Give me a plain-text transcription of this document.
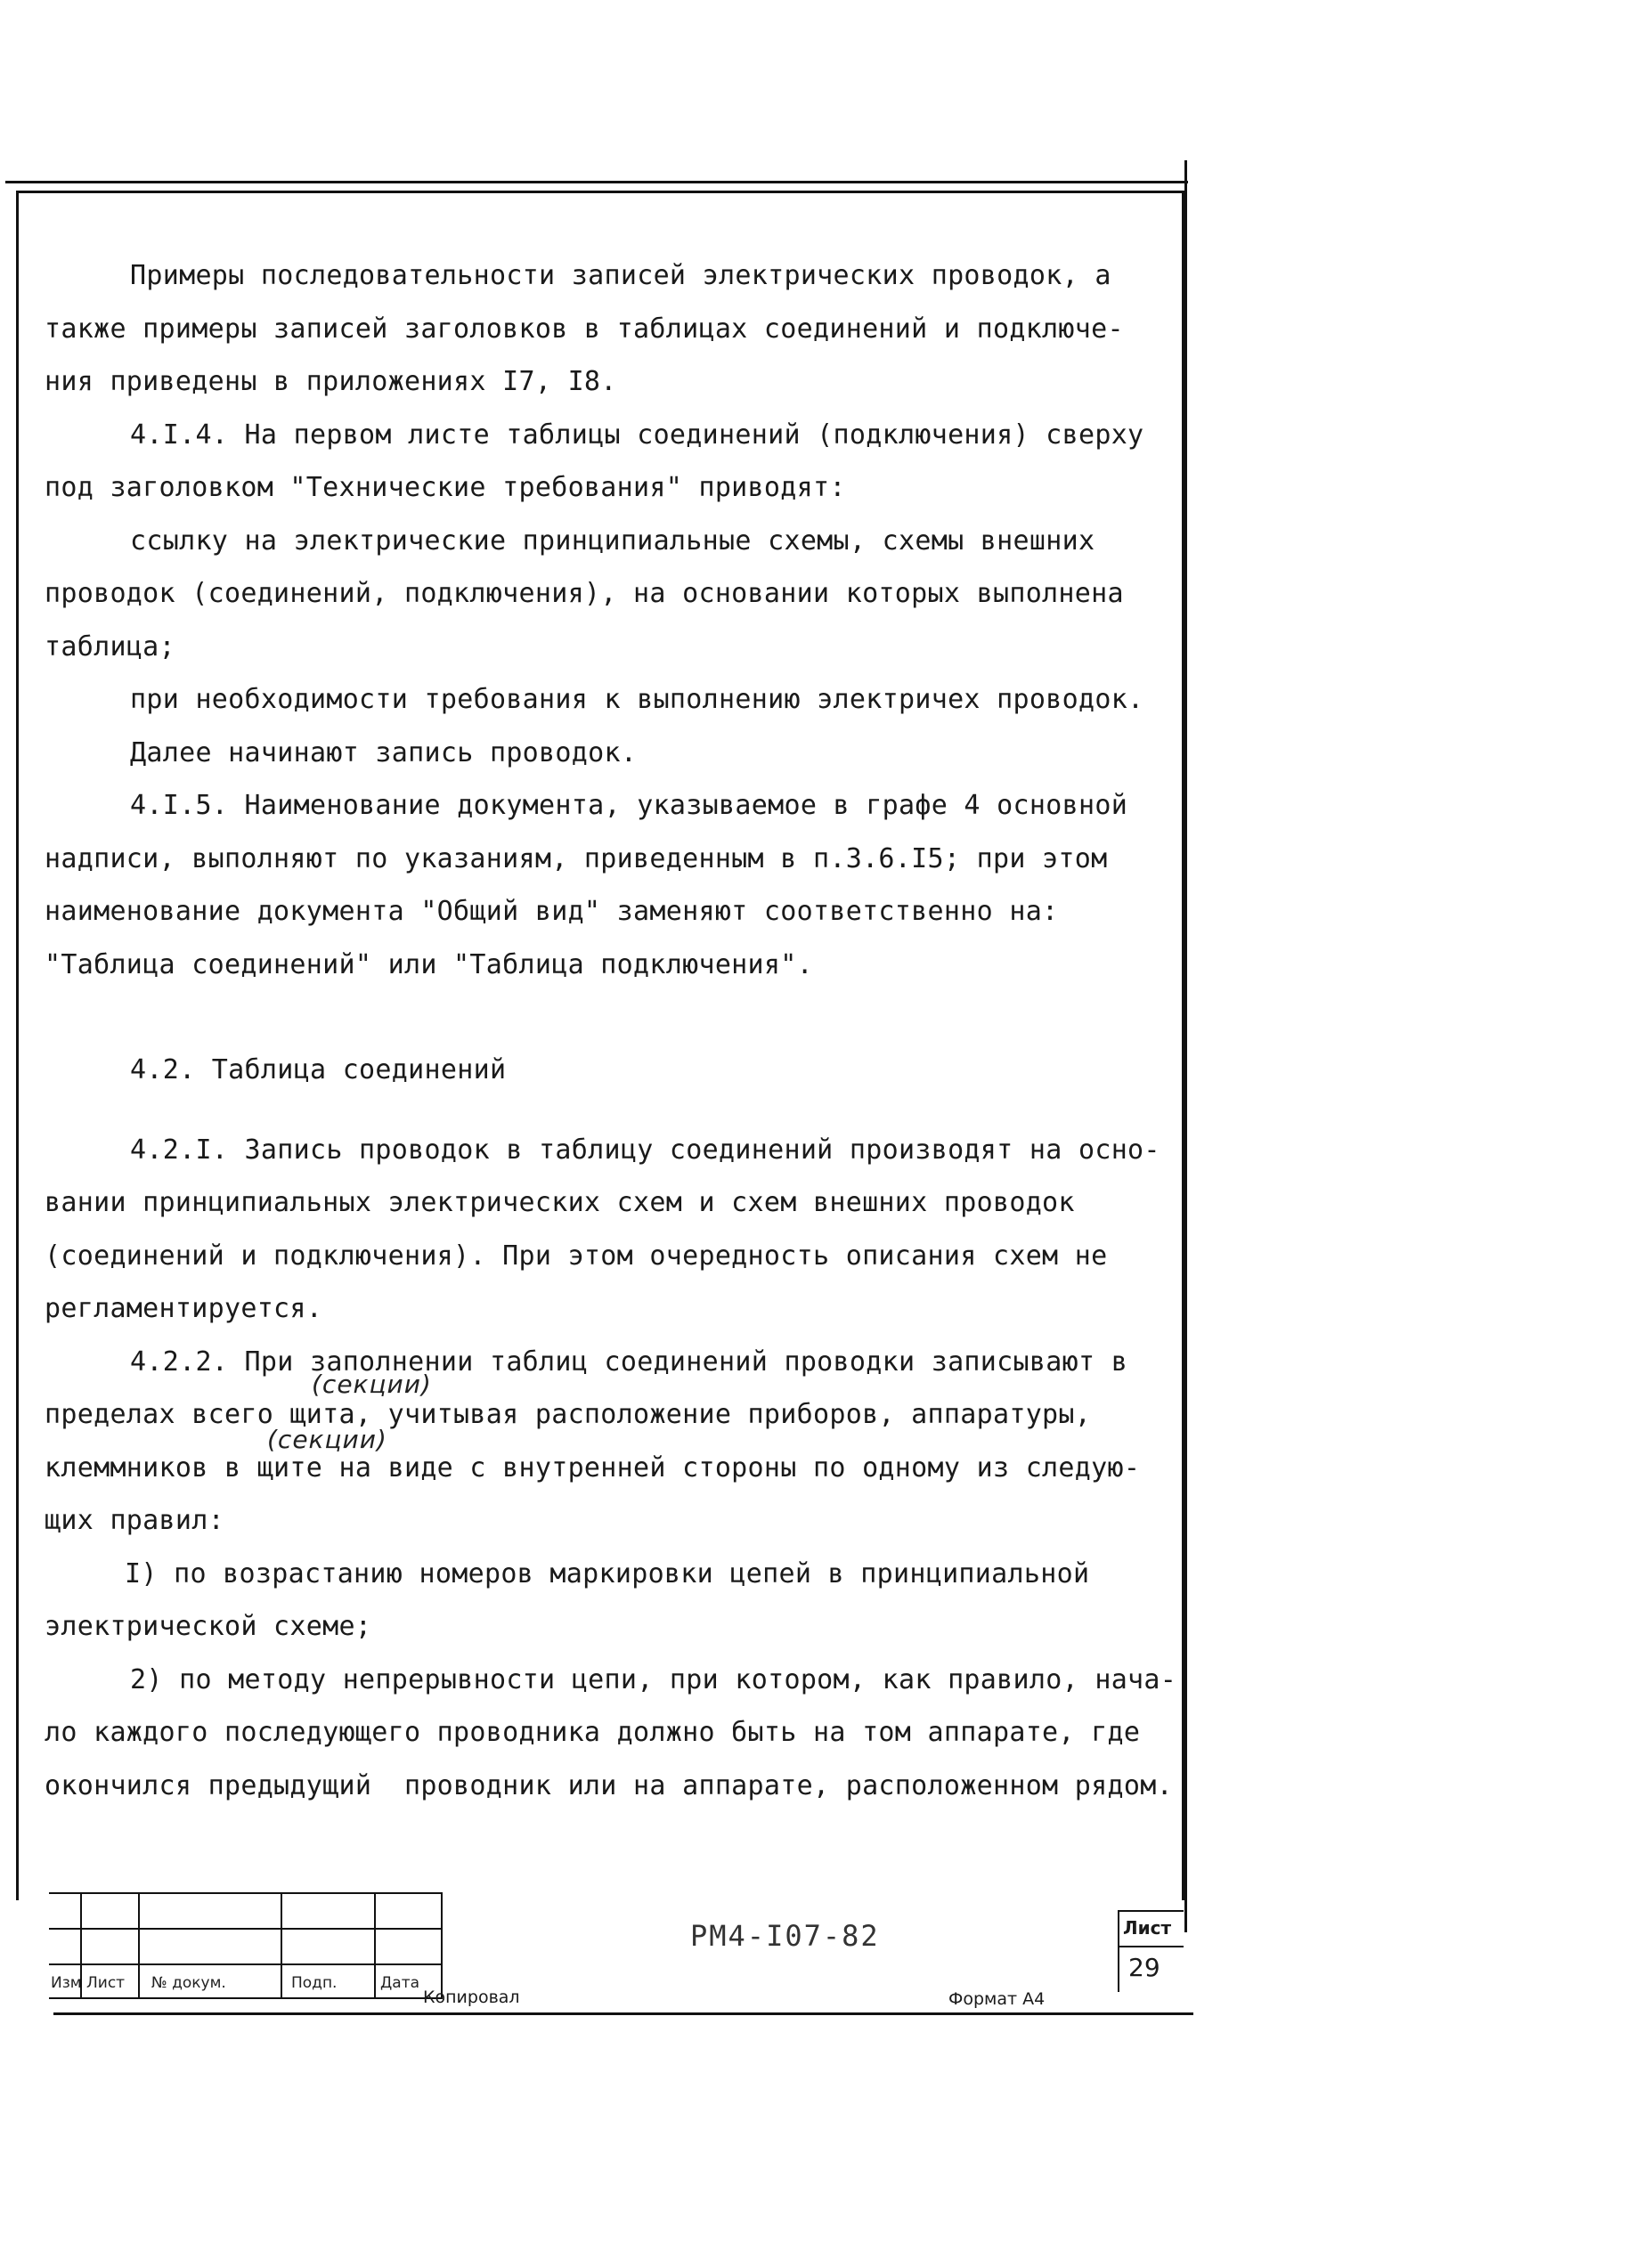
Примеры последовательности записей электрических проводок, а

также примеры записей заголовков в таблицах соединений и подключе-

ния приведены в приложениях I7, I8.

4.I.4. На первом листе таблицы соединений (подключения) сверху

под заголовком "Технические требования" приводят:

ссылку на электрические принципиальные схемы, схемы внешних

проводок (соединений, подключения), на основании которых выполнена

таблица;

при необходимости требования к выполнению электричех проводок.

Далее начинают запись проводок.

4.I.5. Наименование документа, указываемое в графе 4 основной

надписи, выполняют по указаниям, приведенным в п.3.6.I5; при этом

наименование документа "Общий вид" заменяют соответственно на:

"Таблица соединений" или "Таблица подключения".

4.2. Таблица соединений

4.2.I. Запись проводок в таблицу соединений производят на осно-

вании принципиальных электрических схем и схем внешних проводок

(соединений и подключения). При этом очередность описания схем не

регламентируется.

4.2.2. При заполнении таблиц соединений проводки записывают в

пределах всего щита, учитывая расположение приборов, аппаратуры,

клеммников в щите на виде с внутренней стороны по одному из следую-

щих правил:

I) по возрастанию номеров маркировки цепей в принципиальной

электрической схеме;

2) по методу непрерывности цепи, при котором, как правило, нача-

ло каждого последующего проводника должно быть на том аппарате, где

окончился предыдущий  проводник или на аппарате, расположенном рядом.

(секции)
(секции)
Изм Лист № докум.	Подп.	Дата
РМ4-I07-82	Лист
29
Копировал	Формат А4
